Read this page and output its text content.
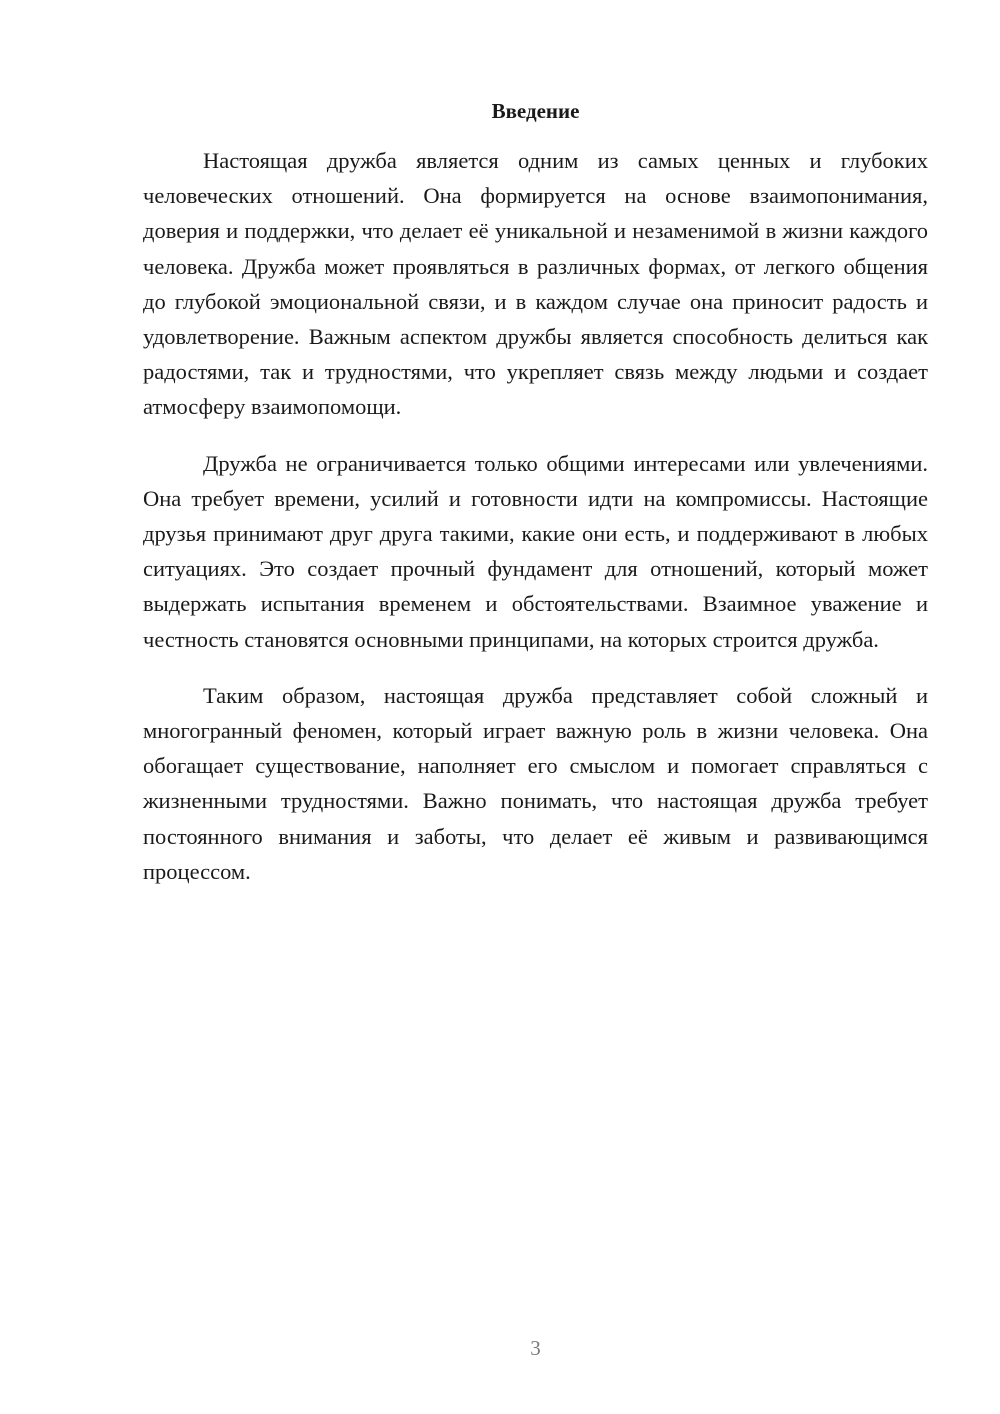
Введение

Настоящая дружба является одним из самых ценных и глубоких человеческих отношений. Она формируется на основе взаимопонимания, доверия и поддержки, что делает её уникальной и незаменимой в жизни каждого человека. Дружба может проявляться в различных формах, от легкого общения до глубокой эмоциональной связи, и в каждом случае она приносит радость и удовлетворение. Важным аспектом дружбы является способность делиться как радостями, так и трудностями, что укрепляет связь между людьми и создает атмосферу взаимопомощи.

Дружба не ограничивается только общими интересами или увлечениями. Она требует времени, усилий и готовности идти на компромиссы. Настоящие друзья принимают друг друга такими, какие они есть, и поддерживают в любых ситуациях. Это создает прочный фундамент для отношений, который может выдержать испытания временем и обстоятельствами. Взаимное уважение и честность становятся основными принципами, на которых строится дружба.

Таким образом, настоящая дружба представляет собой сложный и многогранный феномен, который играет важную роль в жизни человека. Она обогащает существование, наполняет его смыслом и помогает справляться с жизненными трудностями. Важно понимать, что настоящая дружба требует постоянного внимания и заботы, что делает её живым и развивающимся процессом.

3
